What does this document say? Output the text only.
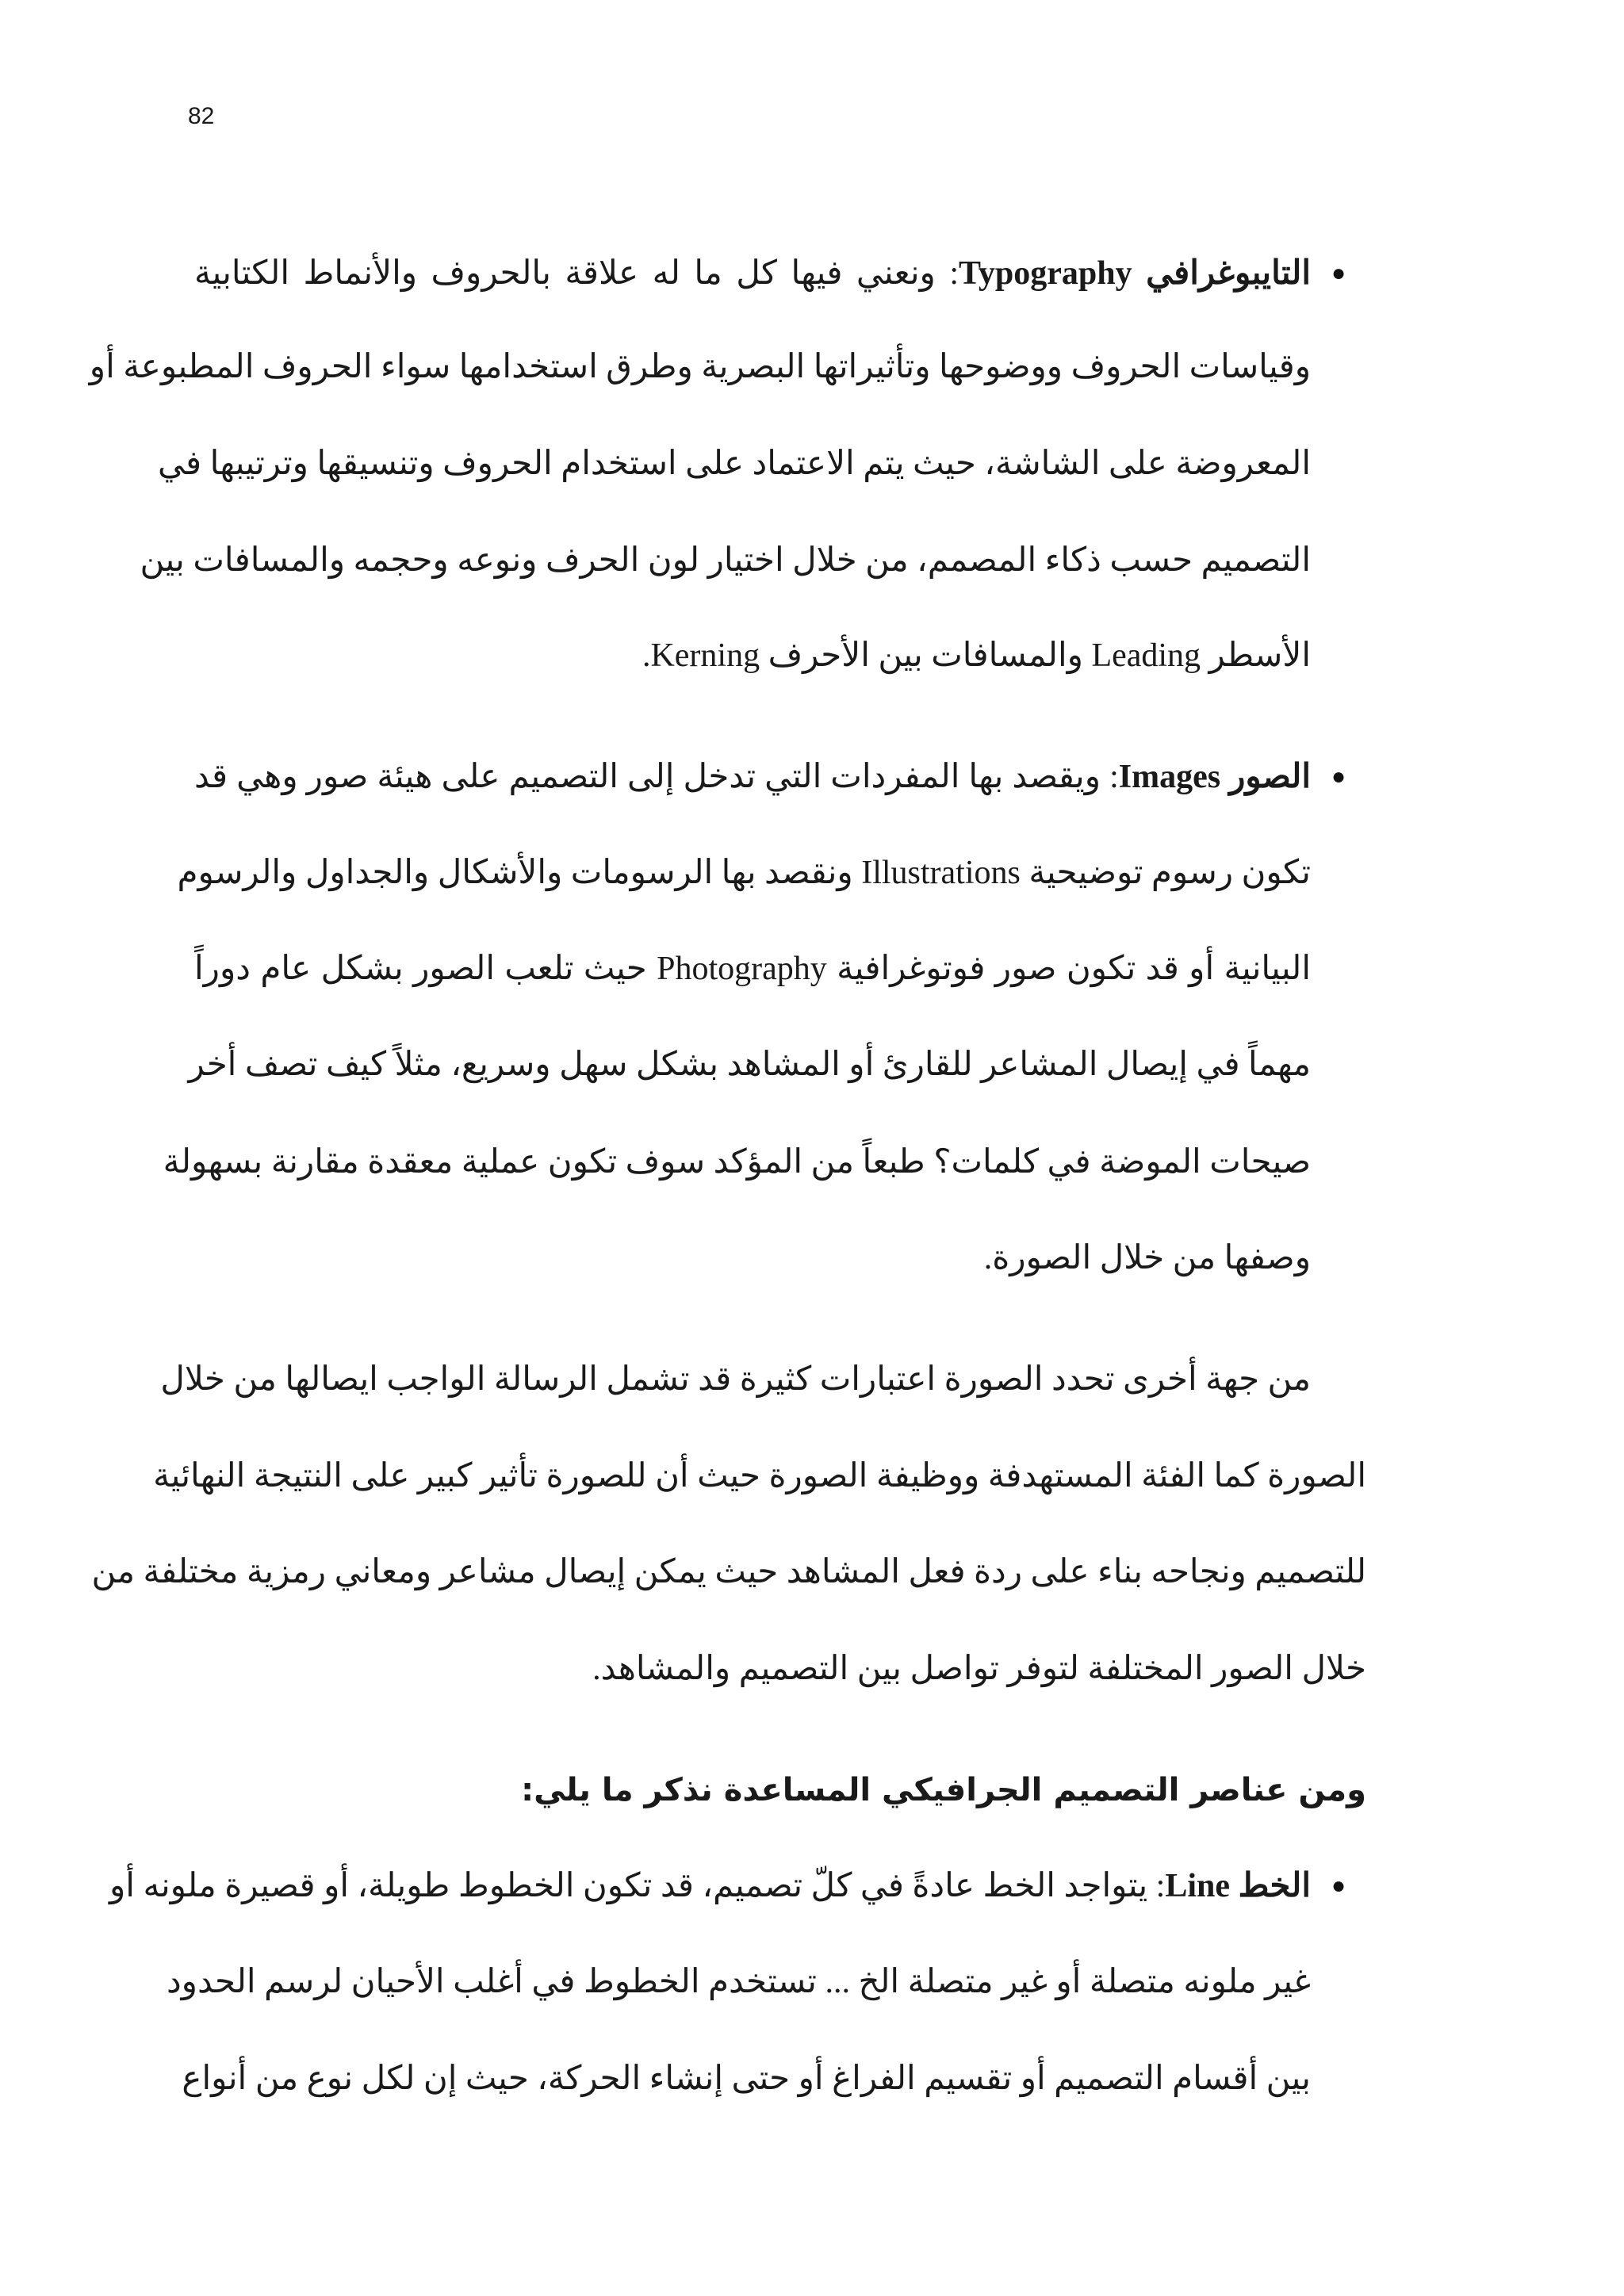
82
●
التايبوغرافي Typography: ونعني فيها كل ما له علاقة بالحروف والأنماط الكتابية
وقياسات الحروف ووضوحها وتأثيراتها البصرية وطرق استخدامها سواء الحروف المطبوعة أو
المعروضة على الشاشة، حيث يتم الاعتماد على استخدام الحروف وتنسيقها وترتيبها في
التصميم حسب ذكاء المصمم، من خلال اختيار لون الحرف ونوعه وحجمه والمسافات بين
الأسطر Leading والمسافات بين الأحرف Kerning.
●
الصور Images: ويقصد بها المفردات التي تدخل إلى التصميم على هيئة صور وهي قد
تكون رسوم توضيحية Illustrations ونقصد بها الرسومات والأشكال والجداول والرسوم
البيانية أو قد تكون صور فوتوغرافية Photography حيث تلعب الصور بشكل عام دوراً
مهماً في إيصال المشاعر للقارئ أو المشاهد بشكل سهل وسريع، مثلاً كيف تصف أخر
صيحات الموضة في كلمات؟ طبعاً من المؤكد سوف تكون عملية معقدة مقارنة بسهولة
وصفها من خلال الصورة.
من جهة أخرى تحدد الصورة اعتبارات كثيرة قد تشمل الرسالة الواجب ايصالها من خلال
الصورة كما الفئة المستهدفة ووظيفة الصورة حيث أن للصورة تأثير كبير على النتيجة النهائية
للتصميم ونجاحه بناء على ردة فعل المشاهد حيث يمكن إيصال مشاعر ومعاني رمزية مختلفة من
خلال الصور المختلفة لتوفر تواصل بين التصميم والمشاهد.
ومن عناصر التصميم الجرافيكي المساعدة نذكر ما يلي:
●
الخط Line: يتواجد الخط عادةً في كلّ تصميم، قد تكون الخطوط طويلة، أو قصيرة ملونه أو
غير ملونه متصلة أو غير متصلة الخ ... تستخدم الخطوط في أغلب الأحيان لرسم الحدود
بين أقسام التصميم أو تقسيم الفراغ أو حتى إنشاء الحركة، حيث إن لكل نوع من أنواع
